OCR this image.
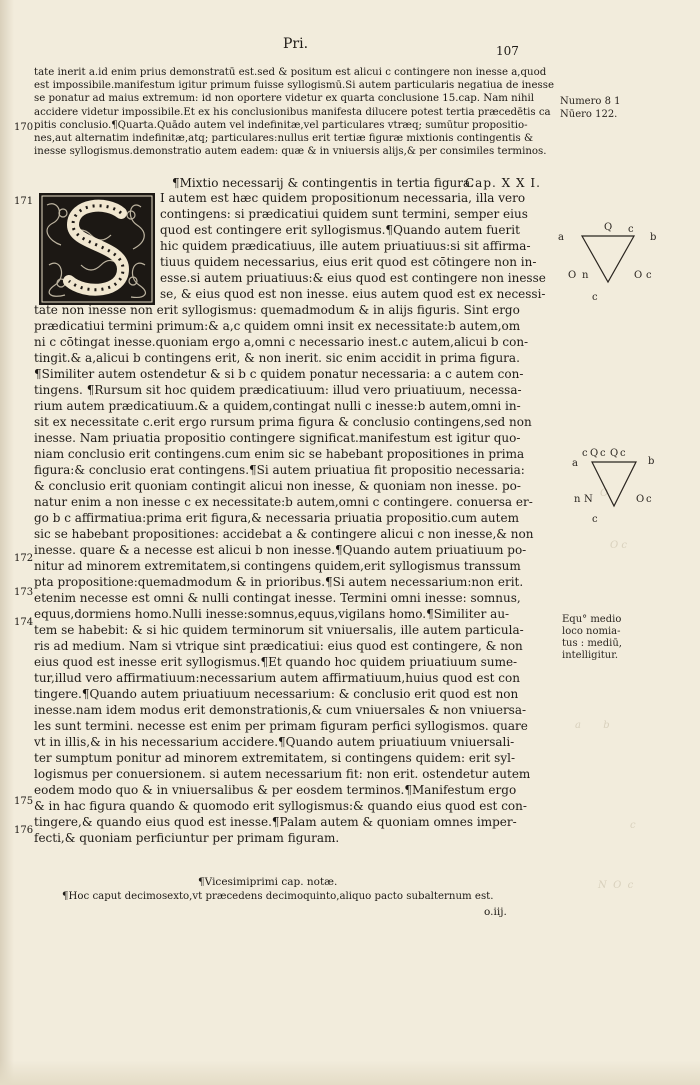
O
O c
a       b
c
N  O  c
Pri.	107
tate inerit a.id enim prius demonstratū est.sed & positum est alicui c contingere non inesse a,quod
est impossibile.manifestum igitur primum fuisse syllogismū.Si autem particularis negatiua de inesse
se ponatur ad maius extremum: id non oportere videtur ex quarta conclusione 15.cap. Nam nihil
accidere videtur impossibile.Et ex his conclusionibus manifesta dilucere potest tertia præcedētis ca
pitis conclusio.¶Quarta.Quādo autem vel indefinitæ,vel particulares vtræq; sumūtur propositio-
nes,aut alternatim indefinitæ,atq; particulares:nullus erit tertiæ figuræ mixtionis contingentis &
inesse syllogismus.demonstratio autem eadem: quæ & in vniuersis alijs,& per consimiles terminos.
¶Mixtio necessarij & contingentis in tertia figura.
Cap. X X I.
I autem est hæc quidem propositionum necessaria, illa vero
contingens: si prædicatiui quidem sunt termini, semper eius
quod est contingere erit syllogismus.¶Quando autem fuerit
hic quidem prædicatiuus, ille autem priuatiuus:si sit affirma-
tiuus quidem necessarius, eius erit quod est cōtingere non in-
esse.si autem priuatiuus:& eius quod est contingere non inesse
se, & eius quod est non inesse. eius autem quod est ex necessi-
tate non inesse non erit syllogismus: quemadmodum & in alijs figuris. Sint ergo
prædicatiui termini primum:& a,c quidem omni insit ex necessitate:b autem,om
ni c cōtingat inesse.quoniam ergo a,omni c necessario inest.c autem,alicui b con-
tingit.& a,alicui b contingens erit, & non inerit. sic enim accidit in prima figura.
¶Similiter autem ostendetur & si b c quidem ponatur necessaria: a c autem con-
tingens. ¶Rursum sit hoc quidem prædicatiuum: illud vero priuatiuum, necessa-
rium autem prædicatiuum.& a quidem,contingat nulli c inesse:b autem,omni in-
sit ex necessitate c.erit ergo rursum prima figura & conclusio contingens,sed non
inesse. Nam priuatia propositio contingere significat.manifestum est igitur quo-
niam conclusio erit contingens.cum enim sic se habebant propositiones in prima
figura:& conclusio erat contingens.¶Si autem priuatiua fit propositio necessaria:
& conclusio erit quoniam contingit alicui non inesse, & quoniam non inesse. po-
natur enim a non inesse c ex necessitate:b autem,omni c contingere. conuersa er-
go b c affirmatiua:prima erit figura,& necessaria priuatia propositio.cum autem
sic se habebant propositiones: accidebat a & contingere alicui c non inesse,& non
inesse. quare & a necesse est alicui b non inesse.¶Quando autem priuatiuum po-
nitur ad minorem extremitatem,si contingens quidem,erit syllogismus transsum
pta propositione:quemadmodum & in prioribus.¶Si autem necessarium:non erit.
etenim necesse est omni & nulli contingat inesse. Termini omni inesse: somnus,
equus,dormiens homo.Nulli inesse:somnus,equus,vigilans homo.¶Similiter au-
tem se habebit: & si hic quidem terminorum sit vniuersalis, ille autem particula-
ris ad medium. Nam si vtrique sint prædicatiui: eius quod est contingere, & non
eius quod est inesse erit syllogismus.¶Et quando hoc quidem priuatiuum sume-
tur,illud vero affirmatiuum:necessarium autem affirmatiuum,huius quod est con
tingere.¶Quando autem priuatiuum necessarium: & conclusio erit quod est non
inesse.nam idem modus erit demonstrationis,& cum vniuersales & non vniuersa-
les sunt termini. necesse est enim per primam figuram perfici syllogismos. quare
vt in illis,& in his necessarium accidere.¶Quando autem priuatiuum vniuersali-
ter sumptum ponitur ad minorem extremitatem, si contingens quidem: erit syl-
logismus per conuersionem. si autem necessarium fit: non erit. ostendetur autem
eodem modo quo & in vniuersalibus & per eosdem terminos.¶Manifestum ergo
& in hac figura quando & quomodo erit syllogismus:& quando eius quod est con-
tingere,& quando eius quod est inesse.¶Palam autem & quoniam omnes imper-
fecti,& quoniam perficiuntur per primam figuram.
170
171
172
173
174
175
176
Numero 8 1
Nūero 122.
Equ° medio
loco nomia-
tus : mediū,
intelligitur.
a
Q c
b
O n	O c
c
c Q c Q c
a	b
n N	O c
c
¶Vicesimiprimi cap. notæ.
¶Hoc caput decimosexto,vt præcedens decimoquinto,aliquo pacto subalternum est.
o.iij.
